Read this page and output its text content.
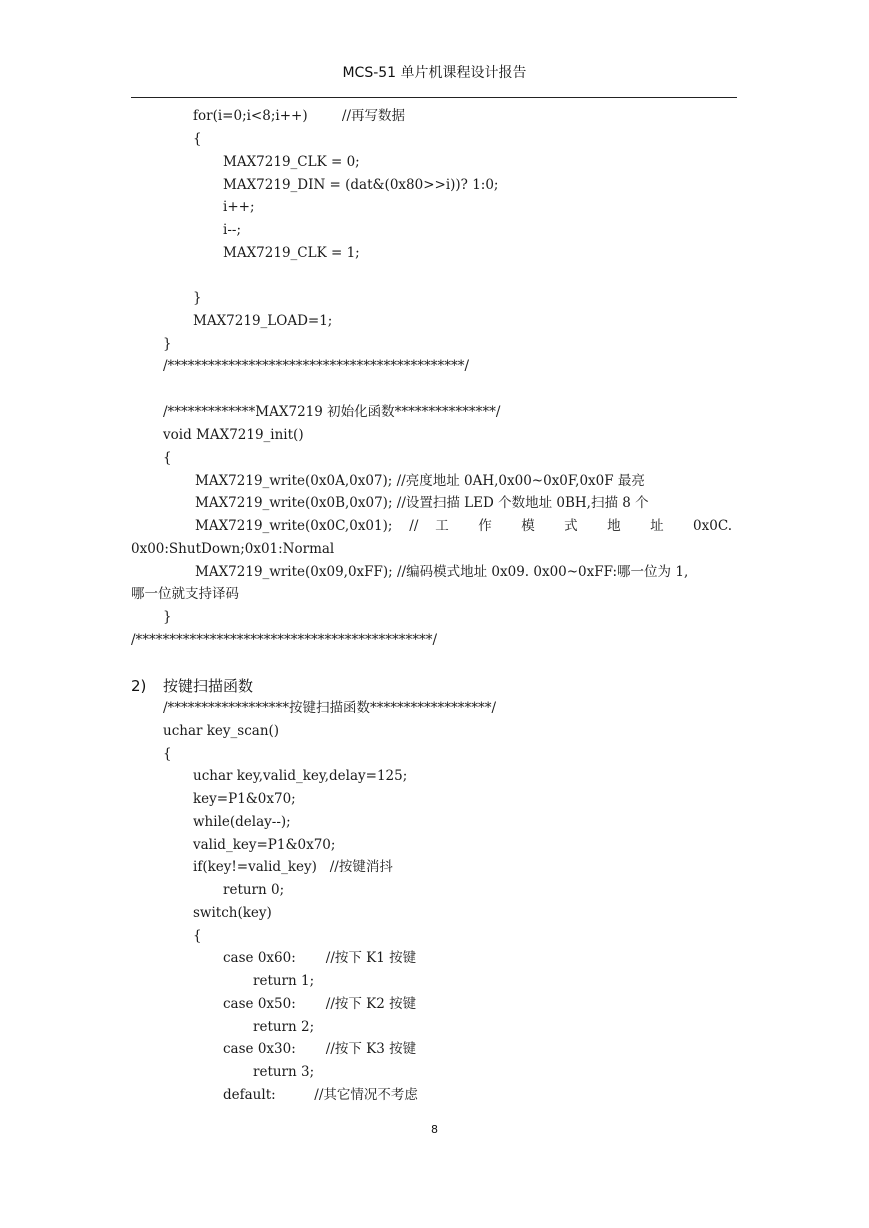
MCS-51 单片机课程设计报告
for(i=0;i<8;i++)        //再写数据
{
MAX7219_CLK = 0;
MAX7219_DIN = (dat&(0x80>>i))? 1:0;
i++;
i--;
MAX7219_CLK = 1;
}
MAX7219_LOAD=1;
}
/********************************************/
/*************MAX7219 初始化函数***************/
void MAX7219_init()
{
MAX7219_write(0x0A,0x07); //亮度地址 0AH,0x00~0x0F,0x0F 最亮
MAX7219_write(0x0B,0x07); //设置扫描 LED 个数地址 0BH,扫描 8 个
MAX7219_write(0x0C,0x01); // 工 作 模 式 地 址 0x0C.
0x00:ShutDown;0x01:Normal
MAX7219_write(0x09,0xFF); //编码模式地址 0x09. 0x00~0xFF:哪一位为 1,
哪一位就支持译码
}
/********************************************/
2) 按键扫描函数
/******************按键扫描函数******************/
uchar key_scan()
{
uchar key,valid_key,delay=125;
key=P1&0x70;
while(delay--);
valid_key=P1&0x70;
if(key!=valid_key)   //按键消抖
return 0;
switch(key)
{
case 0x60:       //按下 K1 按键
return 1;
case 0x50:       //按下 K2 按键
return 2;
case 0x30:       //按下 K3 按键
return 3;
default:         //其它情况不考虑
8
